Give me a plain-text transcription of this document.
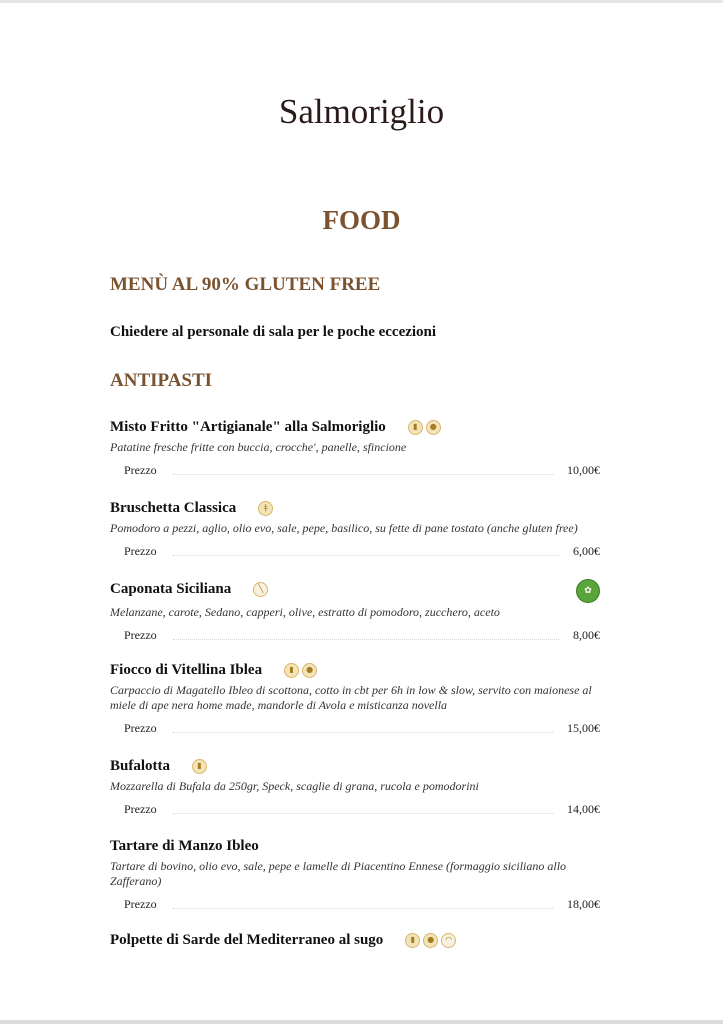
Salmoriglio
FOOD
MENÙ AL 90% GLUTEN FREE
Chiedere al personale di sala per le poche eccezioni
ANTIPASTI
Misto Fritto "Artigianale" alla Salmoriglio	▮	●
Patatine fresche fritte con buccia, crocche', panelle, sfincione
Prezzo	10,00€
Bruschetta Classica	ǂ
Pomodoro a pezzi, aglio, olio evo, sale, pepe, basilico, su fette di pane tostato (anche gluten free)
Prezzo	6,00€
Caponata Siciliana	╲	✿
Melanzane, carote, Sedano, capperi, olive, estratto di pomodoro, zucchero, aceto
Prezzo	8,00€
Fiocco di Vitellina Iblea	▮	●
Carpaccio di Magatello Ibleo di scottona, cotto in cbt per 6h in low & slow, servito con maionese al miele di ape nera home made, mandorle di Avola e misticanza novella
Prezzo	15,00€
Bufalotta	▮
Mozzarella di Bufala da 250gr, Speck, scaglie di grana, rucola e pomodorini
Prezzo	14,00€
Tartare di Manzo Ibleo
Tartare di bovino, olio evo, sale, pepe e lamelle di Piacentino Ennese (formaggio siciliano allo Zafferano)
Prezzo	18,00€
Polpette di Sarde del Mediterraneo al sugo	▮	●	◠
